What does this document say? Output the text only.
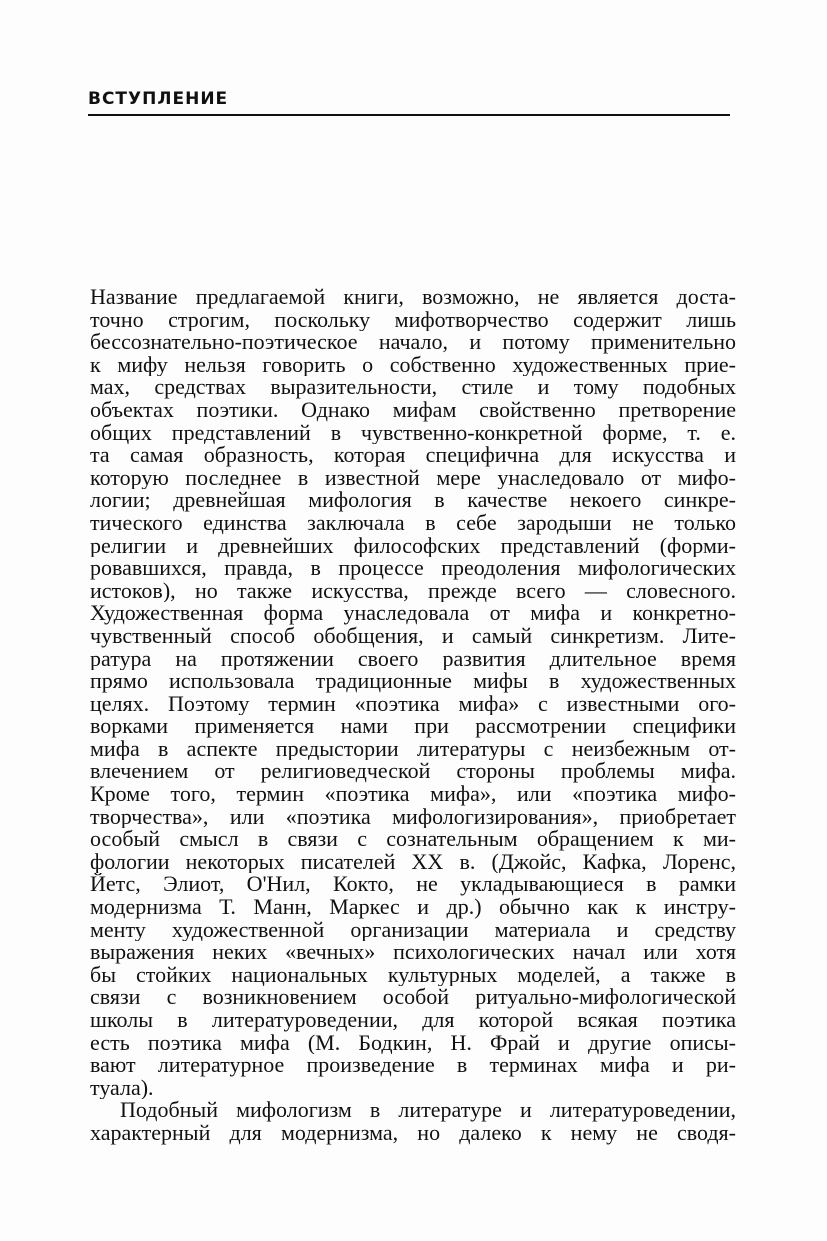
ВСТУПЛЕНИЕ
Название предлагаемой книги, возможно, не является доста-
точно строгим, поскольку мифотворчество содержит лишь
бессознательно-поэтическое начало, и потому применительно
к мифу нельзя говорить о собственно художественных прие-
мах, средствах выразительности, стиле и тому подобных
объектах поэтики. Однако мифам свойственно претворение
общих представлений в чувственно-конкретной форме, т. е.
та самая образность, которая специфична для искусства и
которую последнее в известной мере унаследовало от мифо-
логии; древнейшая мифология в качестве некоего синкре-
тического единства заключала в себе зародыши не только
религии и древнейших философских представлений (форми-
ровавшихся, правда, в процессе преодоления мифологических
истоков), но также искусства, прежде всего — словесного.
Художественная форма унаследовала от мифа и конкретно-
чувственный способ обобщения, и самый синкретизм. Лите-
ратура на протяжении своего развития длительное время
прямо использовала традиционные мифы в художественных
целях. Поэтому термин «поэтика мифа» с известными ого-
ворками применяется нами при рассмотрении специфики
мифа в аспекте предыстории литературы с неизбежным от-
влечением от религиоведческой стороны проблемы мифа.
Кроме того, термин «поэтика мифа», или «поэтика мифо-
творчества», или «поэтика мифологизирования», приобретает
особый смысл в связи с сознательным обращением к ми-
фологии некоторых писателей XX в. (Джойс, Кафка, Лоренс,
Йетс, Элиот, О'Нил, Кокто, не укладывающиеся в рамки
модернизма Т. Манн, Маркес и др.) обычно как к инстру-
менту художественной организации материала и средству
выражения неких «вечных» психологических начал или хотя
бы стойких национальных культурных моделей, а также в
связи с возникновением особой ритуально-мифологической
школы в литературоведении, для которой всякая поэтика
есть поэтика мифа (М. Бодкин, Н. Фрай и другие описы-
вают литературное произведение в терминах мифа и ри-
туала).
Подобный мифологизм в литературе и литературоведении,
характерный для модернизма, но далеко к нему не сводя-
